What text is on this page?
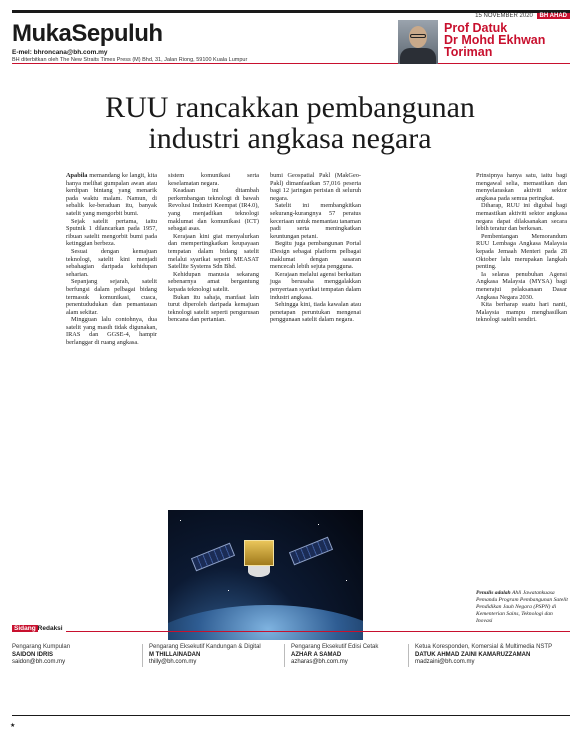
15 NOVEMBER 2020 BH AHAD
MukaSepuluh
E-mel: bhroncana@bh.com.my
BH diterbitkan oleh The New Straits Times Press (M) Bhd, 31, Jalan Riong, 59100 Kuala Lumpur
Prof Datuk
Dr Mohd Ekhwan
Toriman
RUU rancakkan pembangunan
industri angkasa negara

Apabila memandang ke langit, kita hanya melihat gumpalan awan atau kerdipan bintang yang menarik pada waktu malam. Namun, di sebalik ke-beraduan itu, banyak satelit yang mengorbit bumi.

Sejak satelit pertama, iaitu Sputnik 1 dilancarkan pada 1957, ribuan satelit mengorbit bumi pada ketinggian berbeza.

Sesuai dengan kemajuan teknologi, satelit kini menjadi sebahagian daripada kehidupan seharian.

Sepanjang sejarah, satelit berfungsi dalam pelbagai bidang termasuk komunikasi, cuaca, penentududukan dan pemantauan alam sekitar.

Mingguan lalu contohnya, dua satelit yang masih tidak digunakan, IRAS dan GGSE-4, hampir berlanggar di ruang angkasa.

sistem komunikasi serta keselamatan negara.

Keadaan ini ditambah perkembangan teknologi di bawah Revolusi Industri Keempat (IR4.0), yang menjadikan teknologi maklumat dan komunikasi (ICT) sebagai asas.

Kerajaan kini giat menyalurkan dan mempertingkatkan keupayaan tempatan dalam bidang satelit melalui syarikat seperti MEASAT Satellite Systems Sdn Bhd.

Kehidupan manusia sekarang sebenarnya amat bergantung kepada teknologi satelit.

Bukan itu sahaja, manfaat lain turut diperoleh daripada kemajuan teknologi satelit seperti pengurusan bencana dan pertanian.

bumi Geospatial Pakl (MakGeo-Pakl) dimanfaatkan 57,016 peserta bagi 12 jaringan perisian di seluruh negara.

Satelit ini membangkitkan sekurang-kurangnya 57 peratus keceriaan untuk memantau tanaman padi serta meningkatkan keuntungan petani.

Begitu juga pembangunan Portal iDesign sebagai platform pelbagai maklumat dengan sasaran mencecah lebih sejuta pengguna.

Kerajaan melalui agensi berkaitan juga berusaha menggalakkan penyertaan syarikat tempatan dalam industri angkasa.

Sehingga kini, tiada kawalan atau penetapan peruntukan mengenai penggunaan satelit dalam negara.

Prinsipnya hanya satu, iaitu bagi mengawal selia, memastikan dan menyelaraskan aktiviti sektor angkasa pada semua peringkat.

Diharap, RUU ini digubal bagi memastikan aktiviti sektor angkasa negara dapat dilaksanakan secara lebih teratur dan berkesan.

Pembentangan Memorandum RUU Lembaga Angkasa Malaysia kepada Jemaah Menteri pada 28 Oktober lalu merupakan langkah penting.

Ia selaras penubuhan Agensi Angkasa Malaysia (MYSA) bagi menerajui pelaksanaan Dasar Angkasa Negara 2030.

Kita berharap suatu hari nanti, Malaysia mampu menghasilkan teknologi satelit sendiri.

Penulis adalah Ahli Jawatankuasa Pemandu Program Pembangunan Satelit Pendidikan Jauh Negara (PSPN) di Kementerian Sains, Teknologi dan Inovasi
Sidang Redaksi
Pengarang Kumpulan
SAIDON IDRIS
saidon@bh.com.my
Pengarang Eksekutif Kandungan & Digital
M THILLAINADAN
thilly@bh.com.my
Pengarang Eksekutif Edisi Cetak
AZHAR A SAMAD
azharas@bh.com.my
Ketua Koresponden, Komersial & Multimedia NSTP
DATUK AHMAD ZAINI KAMARUZZAMAN
madzaini@bh.com.my
★
